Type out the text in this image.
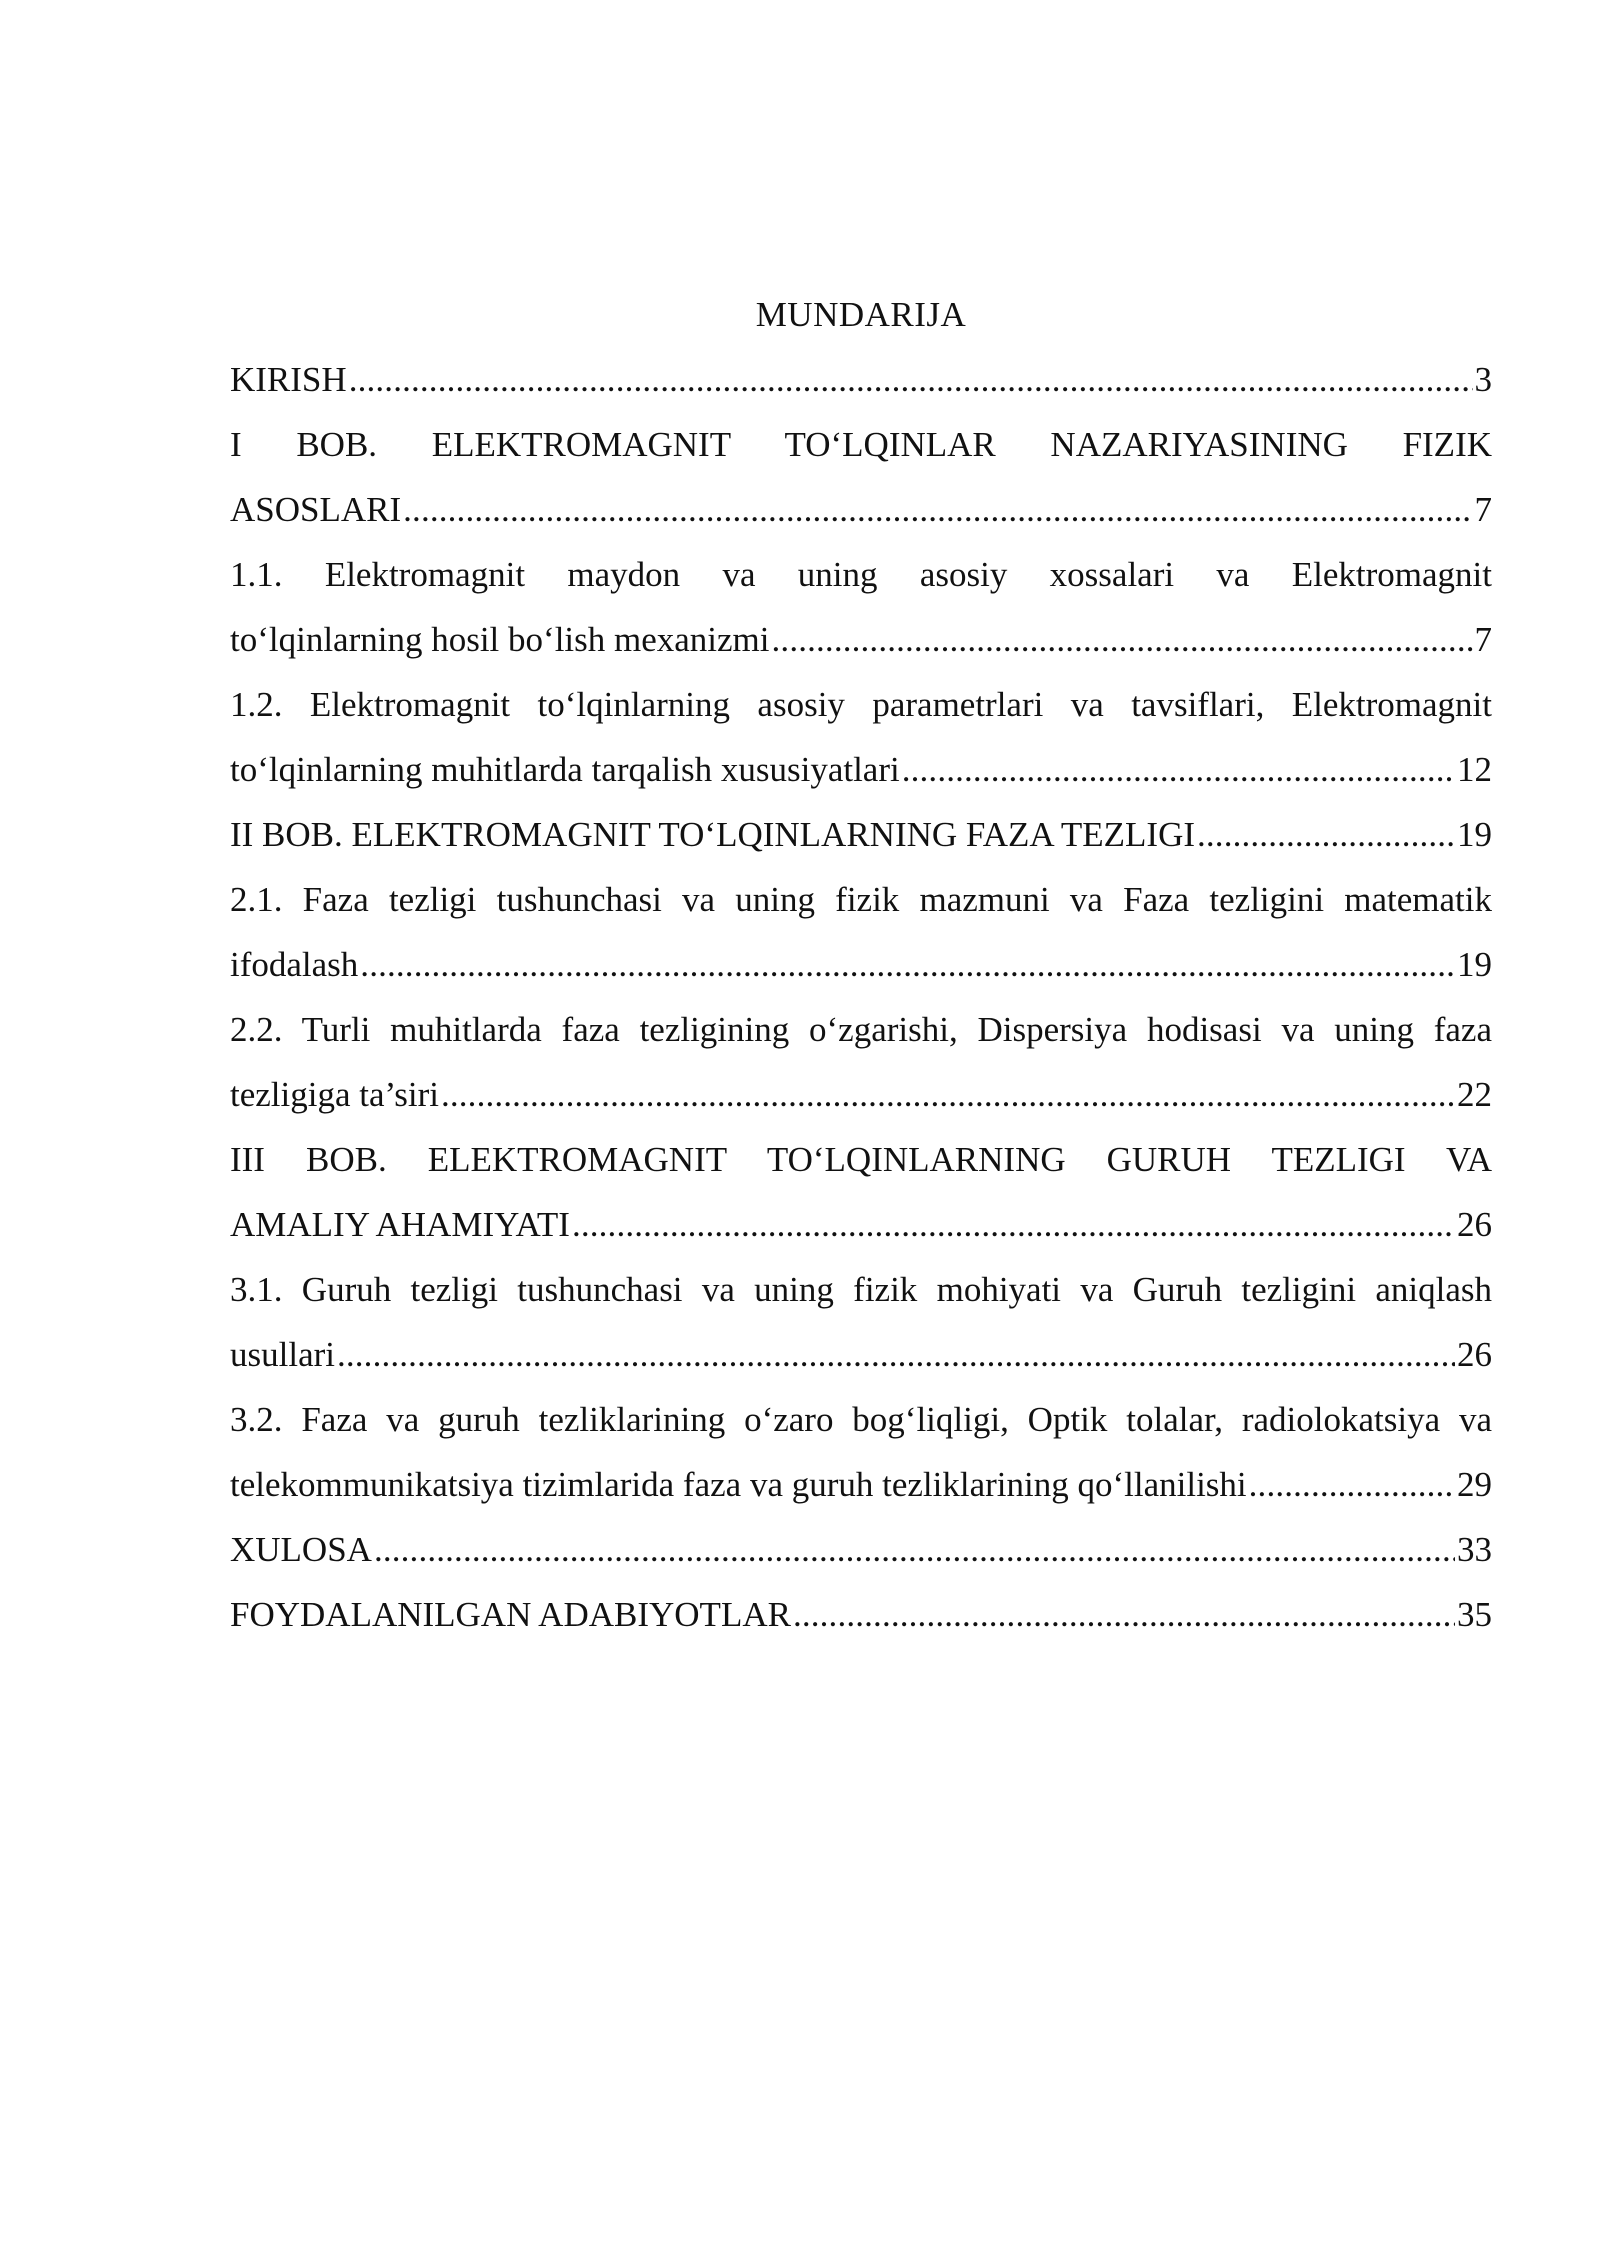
MUNDARIJA
KIRISH . . .	3
I BOB. ELEKTROMAGNIT TO‘LQINLAR NAZARIYASINING FIZIK
ASOSLARI . . .	7
1.1. Elektromagnit maydon va uning asosiy xossalari va Elektromagnit
to‘lqinlarning hosil bo‘lish mexanizmi . . .	7
1.2. Elektromagnit to‘lqinlarning asosiy parametrlari va tavsiflari, Elektromagnit
to‘lqinlarning muhitlarda tarqalish xususiyatlari . . .	12
II BOB. ELEKTROMAGNIT TO‘LQINLARNING FAZA TEZLIGI . . .	19
2.1. Faza tezligi tushunchasi va uning fizik mazmuni va Faza tezligini matematik
ifodalash . . .	19
2.2. Turli muhitlarda faza tezligining o‘zgarishi, Dispersiya hodisasi va uning faza
tezligiga ta’siri . . .	22
III BOB. ELEKTROMAGNIT TO‘LQINLARNING GURUH TEZLIGI VA
AMALIY AHAMIYATI . . .	26
3.1. Guruh tezligi tushunchasi va uning fizik mohiyati va Guruh tezligini aniqlash
usullari . . .	26
3.2. Faza va guruh tezliklarining o‘zaro bog‘liqligi, Optik tolalar, radiolokatsiya va
telekommunikatsiya tizimlarida faza va guruh tezliklarining qo‘llanilishi . . .	29
XULOSA . . .	33
FOYDALANILGAN ADABIYOTLAR . . .	35
